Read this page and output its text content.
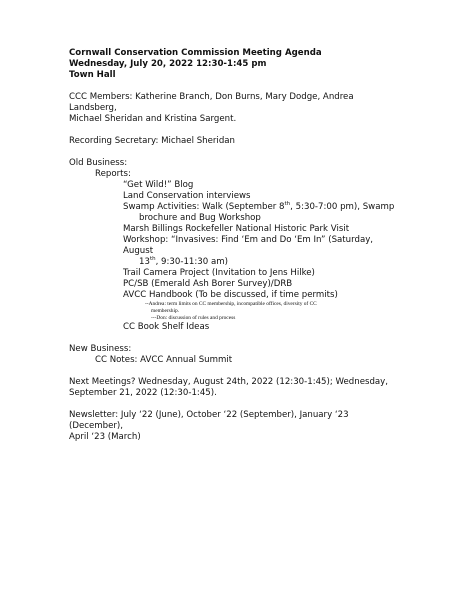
Cornwall Conservation Commission Meeting Agenda

Wednesday, July 20, 2022 12:30-1:45 pm

Town Hall

CCC Members: Katherine Branch, Don Burns, Mary Dodge, Andrea Landsberg,

Michael Sheridan and Kristina Sargent.

Recording Secretary: Michael Sheridan

Old Business:

Reports:

“Get Wild!” Blog

Land Conservation interviews

Swamp Activities: Walk (September 8th, 5:30-7:00 pm), Swamp

brochure and Bug Workshop

Marsh Billings Rockefeller National Historic Park Visit

Workshop: “Invasives: Find ‘Em and Do ‘Em In” (Saturday, August

13th, 9:30-11:30 am)

Trail Camera Project (Invitation to Jens Hilke)

PC/SB (Emerald Ash Borer Survey)/DRB

AVCC Handbook (To be discussed, if time permits)

--Andrea: term limits on CC membership, incompatible offices, diversity of CC

membership.

---Don: discussion of rules and process

CC Book Shelf Ideas

New Business:

CC Notes: AVCC Annual Summit

Next Meetings? Wednesday, August 24th, 2022 (12:30-1:45); Wednesday,

September 21, 2022 (12:30-1:45).

Newsletter: July ‘22 (June), October ‘22 (September), January ‘23 (December),

April ‘23 (March)
